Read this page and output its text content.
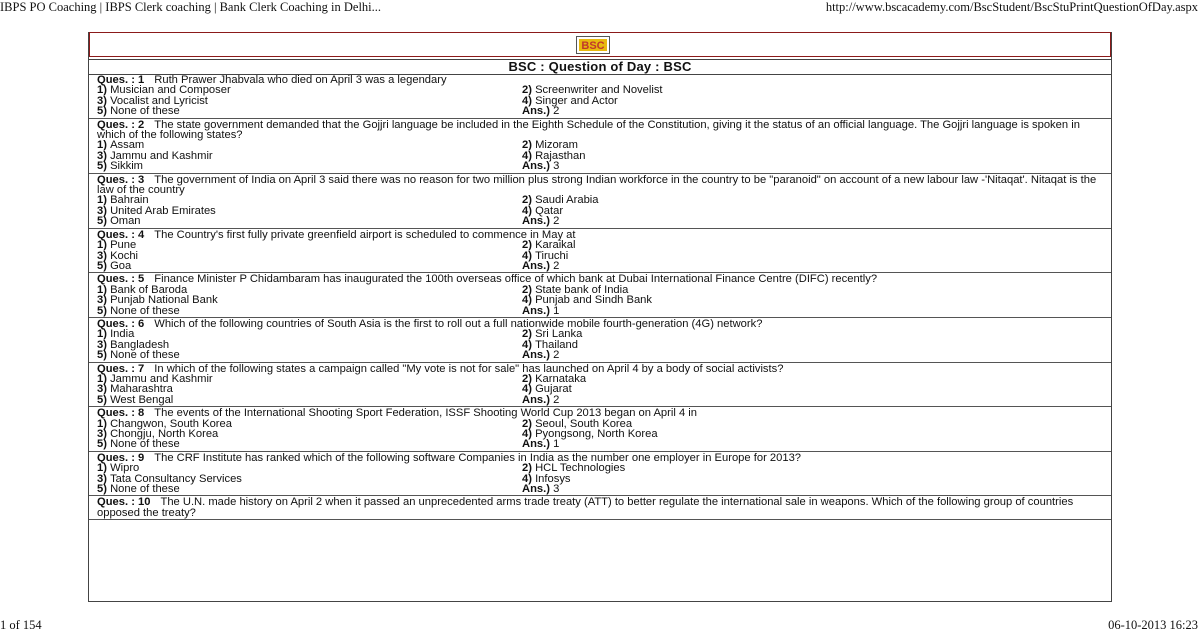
IBPS PO Coaching | IBPS Clerk coaching | Bank Clerk Coaching in Delhi...	http://www.bscacademy.com/BscStudent/BscStuPrintQuestionOfDay.aspx
BSC
BSC : Question of Day : BSC
Ques. : 1 Ruth Prawer Jhabvala who died on April 3 was a legendary
1) Musician and Composer	2) Screenwriter and Novelist
3) Vocalist and Lyricist	4) Singer and Actor
5) None of these	Ans.) 2
Ques. : 2 The state government demanded that the Gojjri language be included in the Eighth Schedule of the Constitution, giving it the status of an official language. The Gojjri language is spoken in which of the following states?
1) Assam	2) Mizoram
3) Jammu and Kashmir	4) Rajasthan
5) Sikkim	Ans.) 3
Ques. : 3 The government of India on April 3 said there was no reason for two million plus strong Indian workforce in the country to be "paranoid" on account of a new labour law -'Nitaqat'. Nitaqat is the law of the country
1) Bahrain	2) Saudi Arabia
3) United Arab Emirates	4) Qatar
5) Oman	Ans.) 2
Ques. : 4 The Country's first fully private greenfield airport is scheduled to commence in May at
1) Pune	2) Karaikal
3) Kochi	4) Tiruchi
5) Goa	Ans.) 2
Ques. : 5 Finance Minister P Chidambaram has inaugurated the 100th overseas office of which bank at Dubai International Finance Centre (DIFC) recently?
1) Bank of Baroda	2) State bank of India
3) Punjab National Bank	4) Punjab and Sindh Bank
5) None of these	Ans.) 1
Ques. : 6 Which of the following countries of South Asia is the first to roll out a full nationwide mobile fourth-generation (4G) network?
1) India	2) Sri Lanka
3) Bangladesh	4) Thailand
5) None of these	Ans.) 2
Ques. : 7 In which of the following states a campaign called "My vote is not for sale" has launched on April 4 by a body of social activists?
1) Jammu and Kashmir	2) Karnataka
3) Maharashtra	4) Gujarat
5) West Bengal	Ans.) 2
Ques. : 8 The events of the International Shooting Sport Federation, ISSF Shooting World Cup 2013 began on April 4 in
1) Changwon, South Korea	2) Seoul, South Korea
3) Chongju, North Korea	4) Pyongsong, North Korea
5) None of these	Ans.) 1
Ques. : 9 The CRF Institute has ranked which of the following software Companies in India as the number one employer in Europe for 2013?
1) Wipro	2) HCL Technologies
3) Tata Consultancy Services	4) Infosys
5) None of these	Ans.) 3
Ques. : 10 The U.N. made history on April 2 when it passed an unprecedented arms trade treaty (ATT) to better regulate the international sale in weapons. Which of the following group of countries opposed the treaty?
1 of 154	06-10-2013 16:23
